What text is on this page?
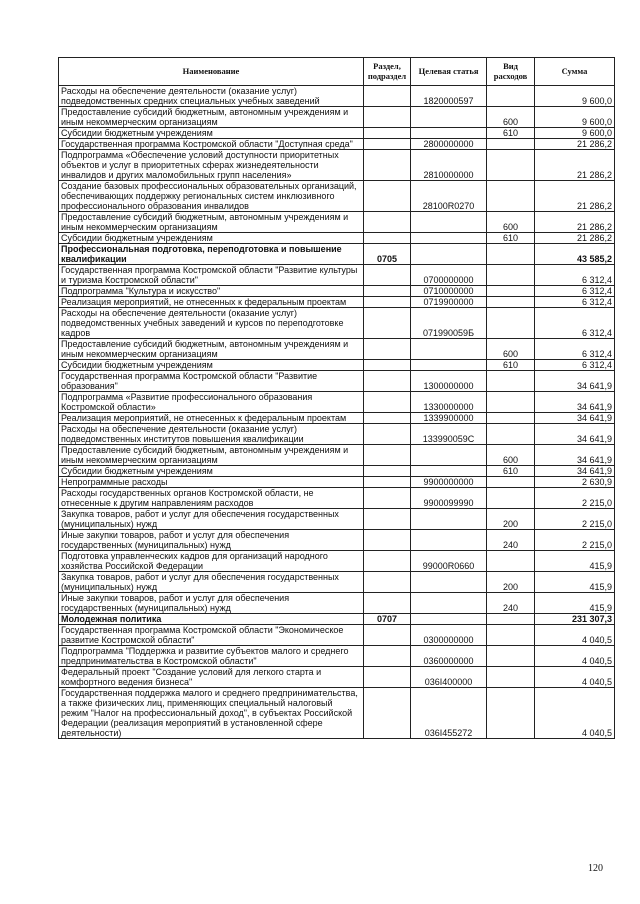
Наименование	Раздел, подраздел	Целевая статья	Вид расходов	Сумма
Расходы на обеспечение деятельности (оказание услуг) подведомственных средних специальных учебных заведений		1820000597		9 600,0
Предоставление субсидий бюджетным, автономным учреждениям и иным некоммерческим организациям			600	9 600,0
Субсидии бюджетным учреждениям			610	9 600,0
Государственная программа Костромской области "Доступная среда"		2800000000		21 286,2
Подпрограмма «Обеспечение условий доступности приоритетных объектов и услуг в приоритетных сферах жизнедеятельности инвалидов и других маломобильных групп населения»		2810000000		21 286,2
Создание базовых профессиональных образовательных организаций, обеспечивающих поддержку региональных систем инклюзивного профессионального образования инвалидов		28100R0270		21 286,2
Предоставление субсидий бюджетным, автономным учреждениям и иным некоммерческим организациям			600	21 286,2
Субсидии бюджетным учреждениям			610	21 286,2
Профессиональная подготовка, переподготовка и повышение квалификации	0705			43 585,2
Государственная программа Костромской области "Развитие культуры и туризма Костромской области"		0700000000		6 312,4
Подпрограмма "Культура и искусство"		0710000000		6 312,4
Реализация мероприятий, не отнесенных к федеральным проектам		0719900000		6 312,4
Расходы на обеспечение деятельности (оказание услуг) подведомственных учебных заведений и курсов по переподготовке кадров		071990059Б		6 312,4
Предоставление субсидий бюджетным, автономным учреждениям и иным некоммерческим организациям			600	6 312,4
Субсидии бюджетным учреждениям			610	6 312,4
Государственная программа Костромской области "Развитие образования"		1300000000		34 641,9
Подпрограмма «Развитие профессионального образования Костромской области»		1330000000		34 641,9
Реализация мероприятий, не отнесенных к федеральным проектам		1339900000		34 641,9
Расходы на обеспечение деятельности (оказание услуг) подведомственных институтов повышения квалификации		133990059С		34 641,9
Предоставление субсидий бюджетным, автономным учреждениям и иным некоммерческим организациям			600	34 641,9
Субсидии бюджетным учреждениям			610	34 641,9
Непрограммные расходы		9900000000		2 630,9
Расходы государственных органов Костромской области, не отнесенные к другим направлениям расходов		9900099990		2 215,0
Закупка товаров, работ и услуг для обеспечения государственных (муниципальных) нужд			200	2 215,0
Иные закупки товаров, работ и услуг для обеспечения государственных (муниципальных) нужд			240	2 215,0
Подготовка управленческих кадров для организаций народного хозяйства Российской Федерации		99000R0660		415,9
Закупка товаров, работ и услуг для обеспечения государственных (муниципальных) нужд			200	415,9
Иные закупки товаров, работ и услуг для обеспечения государственных (муниципальных) нужд			240	415,9
Молодежная политика	0707			231 307,3
Государственная программа Костромской области "Экономическое развитие Костромской области"		0300000000		4 040,5
Подпрограмма "Поддержка и развитие субъектов малого и среднего предпринимательства в Костромской области"		0360000000		4 040,5
Федеральный проект "Создание условий для легкого старта и комфортного ведения бизнеса"		036I400000		4 040,5
Государственная поддержка малого и среднего предпринимательства, а также физических лиц, применяющих специальный налоговый режим "Налог на профессиональный доход", в субъектах Российской Федерации (реализация мероприятий в установленной сфере деятельности)		036I455272		4 040,5
120
